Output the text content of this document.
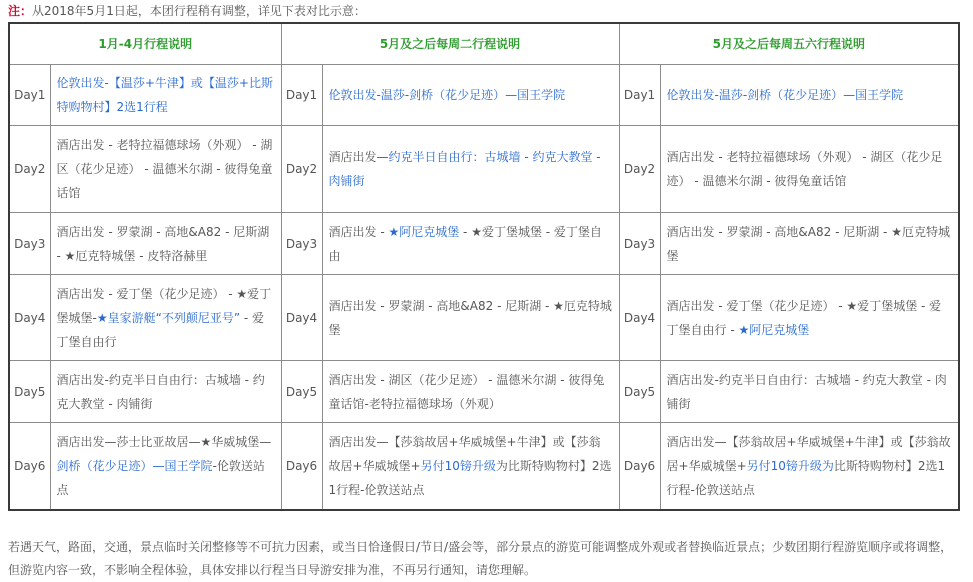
注：从2018年5月1日起，本团行程稍有调整，详见下表对比示意：
1月-4月行程说明		5月及之后每周二行程说明		5月及之后每周五六行程说明	
Day1	伦敦出发-【温莎+牛津】或【温莎+比斯特购物村】2选1行程	Day1	伦敦出发-温莎-剑桥（花少足迹）—国王学院	Day1	伦敦出发-温莎-剑桥（花少足迹）—国王学院
Day2	酒店出发 - 老特拉福德球场（外观） - 湖区（花少足迹） - 温德米尔湖 - 彼得兔童话馆	Day2	酒店出发—约克半日自由行：古城墙 - 约克大教堂 - 肉铺街	Day2	酒店出发 - 老特拉福德球场（外观） - 湖区（花少足迹） - 温德米尔湖 - 彼得兔童话馆
Day3	酒店出发 - 罗蒙湖 - 高地&A82 - 尼斯湖 - ★厄克特城堡 - 皮特洛赫里	Day3	酒店出发 - ★阿尼克城堡 - ★爱丁堡城堡 - 爱丁堡自由	Day3	酒店出发 - 罗蒙湖 - 高地&A82 - 尼斯湖 - ★厄克特城堡
Day4	酒店出发 - 爱丁堡（花少足迹） - ★爱丁堡城堡-★皇家游艇“不列颠尼亚号” - 爱丁堡自由行	Day4	酒店出发 - 罗蒙湖 - 高地&A82 - 尼斯湖 - ★厄克特城堡	Day4	酒店出发 - 爱丁堡（花少足迹） - ★爱丁堡城堡 - 爱丁堡自由行 - ★阿尼克城堡
Day5	酒店出发-约克半日自由行：古城墙 - 约克大教堂 - 肉铺街	Day5	酒店出发 - 湖区（花少足迹） - 温德米尔湖 - 彼得兔童话馆-老特拉福德球场（外观）	Day5	酒店出发-约克半日自由行：古城墙 - 约克大教堂 - 肉铺街
Day6	酒店出发—莎士比亚故居—★华威城堡—剑桥（花少足迹）—国王学院-伦敦送站点	Day6	酒店出发—【莎翁故居+华威城堡+牛津】或【莎翁故居+华威城堡+另付10镑升级为比斯特购物村】2选1行程-伦敦送站点	Day6	酒店出发—【莎翁故居+华威城堡+牛津】或【莎翁故居+华威城堡+另付10镑升级为比斯特购物村】2选1行程-伦敦送站点
若遇天气，路面，交通，景点临时关闭整修等不可抗力因素，或当日恰逢假日/节日/盛会等，部分景点的游览可能调整成外观或者替换临近景点；少数团期行程游览顺序或将调整，但游览内容一致，不影响全程体验，具体安排以行程当日导游安排为准，不再另行通知，请您理解。
